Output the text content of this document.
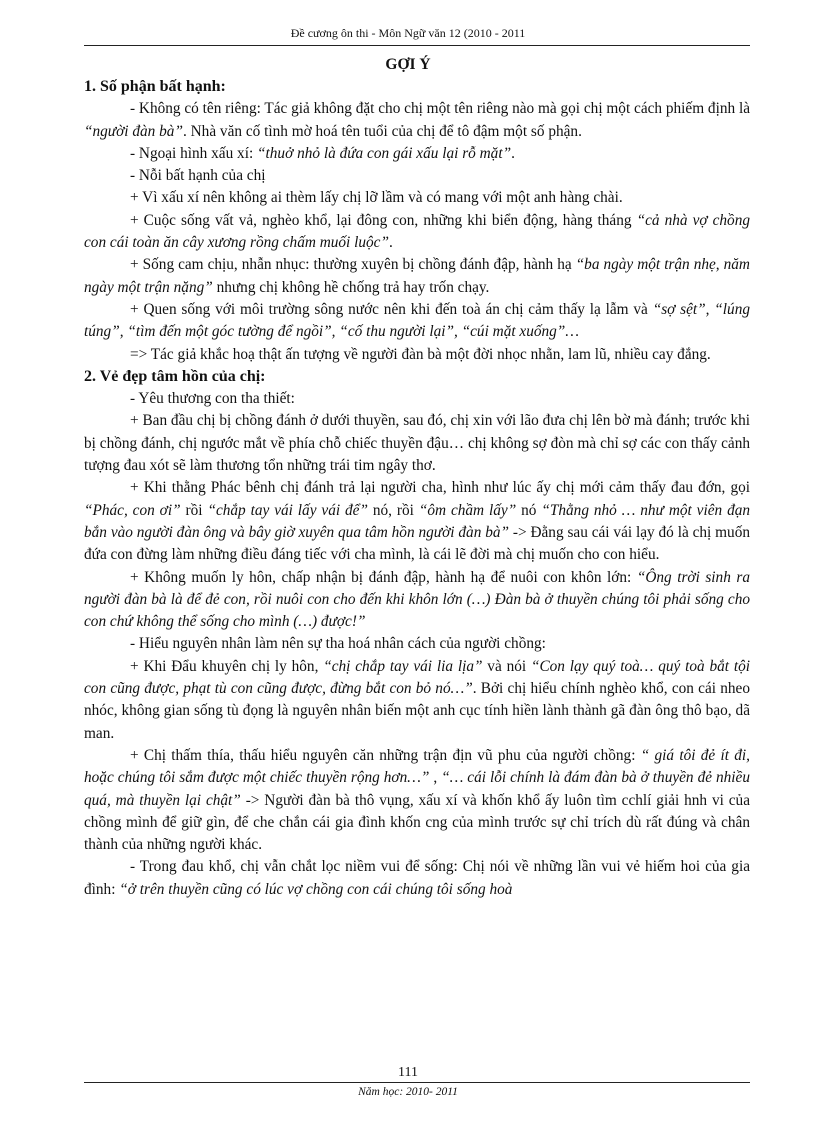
Đề cương ôn thi - Môn Ngữ văn 12 (2010 - 2011
GỢI Ý

1. Số phận bất hạnh:

- Không có tên riêng: Tác giả không đặt cho chị một tên riêng nào mà gọi chị một cách phiếm định là “người đàn bà”. Nhà văn cố tình mờ hoá tên tuổi của chị để tô đậm một số phận.

- Ngoại hình xấu xí: “thuở nhỏ là đứa con gái xấu lại rỗ mặt”.

- Nỗi bất hạnh của chị

+ Vì xấu xí nên không ai thèm lấy chị lỡ lầm và có mang với một anh hàng chài.

+ Cuộc sống vất vả, nghèo khổ, lại đông con, những khi biển động, hàng tháng “cả nhà vợ chồng con cái toàn ăn cây xương rồng chấm muối luộc”.

+ Sống cam chịu, nhẫn nhục: thường xuyên bị chồng đánh đập, hành hạ “ba ngày một trận nhẹ, năm ngày một trận nặng” nhưng chị không hề chống trả hay trốn chạy.

+ Quen sống với môi trường sông nước nên khi đến toà án chị cảm thấy lạ lẫm và “sợ sệt”, “lúng túng”, “tìm đến một góc tường để ngồi”, “cố thu người lại”, “cúi mặt xuống”…

=> Tác giả khắc hoạ thật ấn tượng về người đàn bà một đời nhọc nhằn, lam lũ, nhiều cay đắng.

2. Vẻ đẹp tâm hồn của chị:

- Yêu thương con tha thiết:

+ Ban đầu chị bị chồng đánh ở dưới thuyền, sau đó, chị xin với lão đưa chị lên bờ mà đánh; trước khi bị chồng đánh, chị ngước mắt về phía chỗ chiếc thuyền đậu… chị không sợ đòn mà chỉ sợ các con thấy cảnh tượng đau xót sẽ làm thương tổn những trái tim ngây thơ.

+ Khi thằng Phác bênh chị đánh trả lại người cha, hình như lúc ấy chị mới cảm thấy đau đớn, gọi “Phác, con ơi” rồi “chắp tay vái lấy vái để” nó, rồi “ôm chầm lấy” nó “Thằng nhỏ … như một viên đạn bắn vào người đàn ông và bây giờ xuyên qua tâm hồn người đàn bà” -> Đằng sau cái vái lạy đó là chị muốn đứa con đừng làm những điều đáng tiếc với cha mình, là cái lẽ đời mà chị muốn cho con hiểu.

+ Không muốn ly hôn, chấp nhận bị đánh đập, hành hạ để nuôi con khôn lớn: “Ông trời sinh ra người đàn bà là để đẻ con, rồi nuôi con cho đến khi khôn lớn (…) Đàn bà ở thuyền chúng tôi phải sống cho con chứ không thể sống cho mình (…) được!”

- Hiểu nguyên nhân làm nên sự tha hoá nhân cách của người chồng:

+ Khi Đẩu khuyên chị ly hôn, “chị chắp tay vái lia lịa” và nói “Con lạy quý toà… quý toà bắt tội con cũng được, phạt tù con cũng được, đừng bắt con bỏ nó…”. Bởi chị hiểu chính nghèo khổ, con cái nheo nhóc, không gian sống tù đọng là nguyên nhân biến một anh cục tính hiền lành thành gã đàn ông thô bạo, dã man.

+ Chị thấm thía, thấu hiểu nguyên căn những trận địn vũ phu của người chồng: “ giá tôi đẻ ít đi, hoặc chúng tôi sắm được một chiếc thuyền rộng hơn…” , “… cái lỗi chính là đám đàn bà ở thuyền đẻ nhiều quá, mà thuyền lại chật” -> Người đàn bà thô vụng, xấu xí và khốn khổ ấy luôn tìm cchlí giải hnh vi của chồng mình để giữ gìn, để che chắn cái gia đình khốn cng của mình trước sự chỉ trích dù rất đúng và chân thành của những người khác.

- Trong đau khổ, chị vẫn chắt lọc niềm vui để sống: Chị nói về những lần vui vẻ hiếm hoi của gia đình: “ở trên thuyền cũng có lúc vợ chồng con cái chúng tôi sống hoà

111
Năm học: 2010- 2011
